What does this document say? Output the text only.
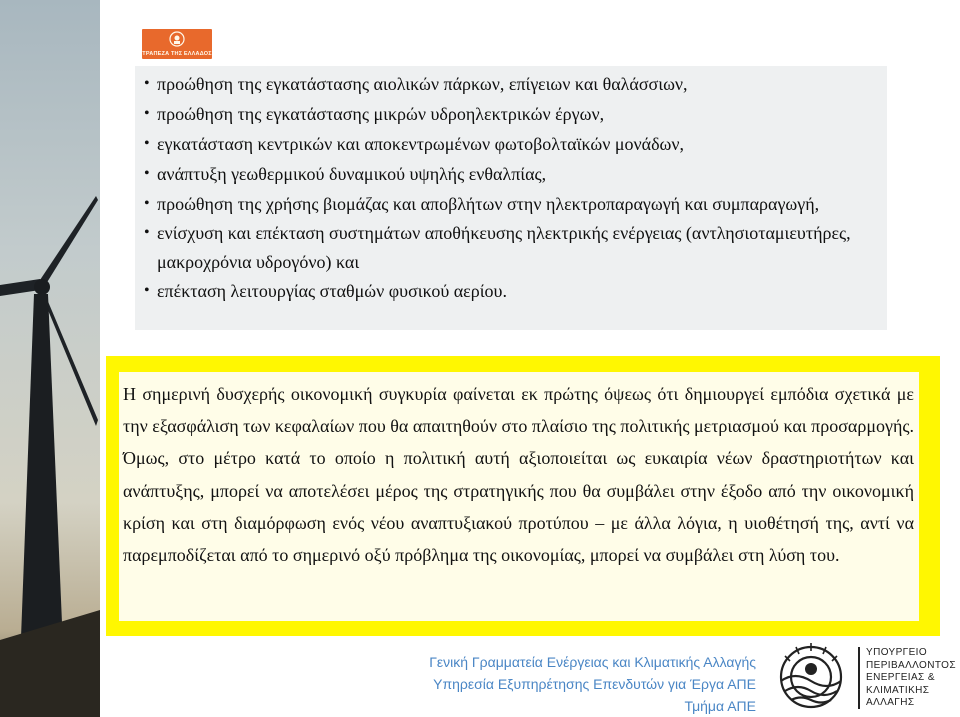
ΤΡΑΠΕΖΑ ΤΗΣ ΕΛΛΑΔΟΣ
• προώθηση της εγκατάστασης αιολικών πάρκων, επίγειων και θαλάσσιων,
• προώθηση της εγκατάστασης μικρών υδροηλεκτρικών έργων,
• εγκατάσταση κεντρικών και αποκεντρωμένων φωτοβολταϊκών μονάδων,
• ανάπτυξη γεωθερμικού δυναμικού υψηλής ενθαλπίας,
• προώθηση της χρήσης βιομάζας και αποβλήτων στην ηλεκτροπαραγωγή και συμπαραγωγή,
• ενίσχυση και επέκταση συστημάτων αποθήκευσης ηλεκτρικής ενέργειας (αντλησιοταμιευτήρες, μακροχρόνια υδρογόνο) και
• επέκταση λειτουργίας σταθμών φυσικού αερίου.

Η σημερινή δυσχερής οικονομική συγκυρία φαίνεται εκ πρώτης όψεως ότι δημιουργεί εμπόδια σχετικά με την εξασφάλιση των κεφαλαίων που θα απαιτηθούν στο πλαίσιο της πολιτικής μετριασμού και προσαρμογής. Όμως, στο μέτρο κατά το οποίο η πολιτική αυτή αξιοποιείται ως ευκαιρία νέων δραστηριοτήτων και ανάπτυξης, μπορεί να αποτελέσει μέρος της στρατηγικής που θα συμβάλει στην έξοδο από την οικονομική κρίση και στη διαμόρφωση ενός νέου αναπτυξιακού προτύπου – με άλλα λόγια, η υιοθέτησή της, αντί να παρεμποδίζεται από το σημερινό οξύ πρόβλημα της οικονομίας, μπορεί να συμβάλει στη λύση του.

Γενική Γραμματεία Ενέργειας και Κλιματικής Αλλαγής
Υπηρεσία Εξυπηρέτησης Επενδυτών για Έργα ΑΠΕ
Τμήμα ΑΠΕ
ΥΠΟΥΡΓΕΙΟ
ΠΕΡΙΒΑΛΛΟΝΤΟΣ
ΕΝΕΡΓΕΙΑΣ &
ΚΛΙΜΑΤΙΚΗΣ
ΑΛΛΑΓΗΣ
